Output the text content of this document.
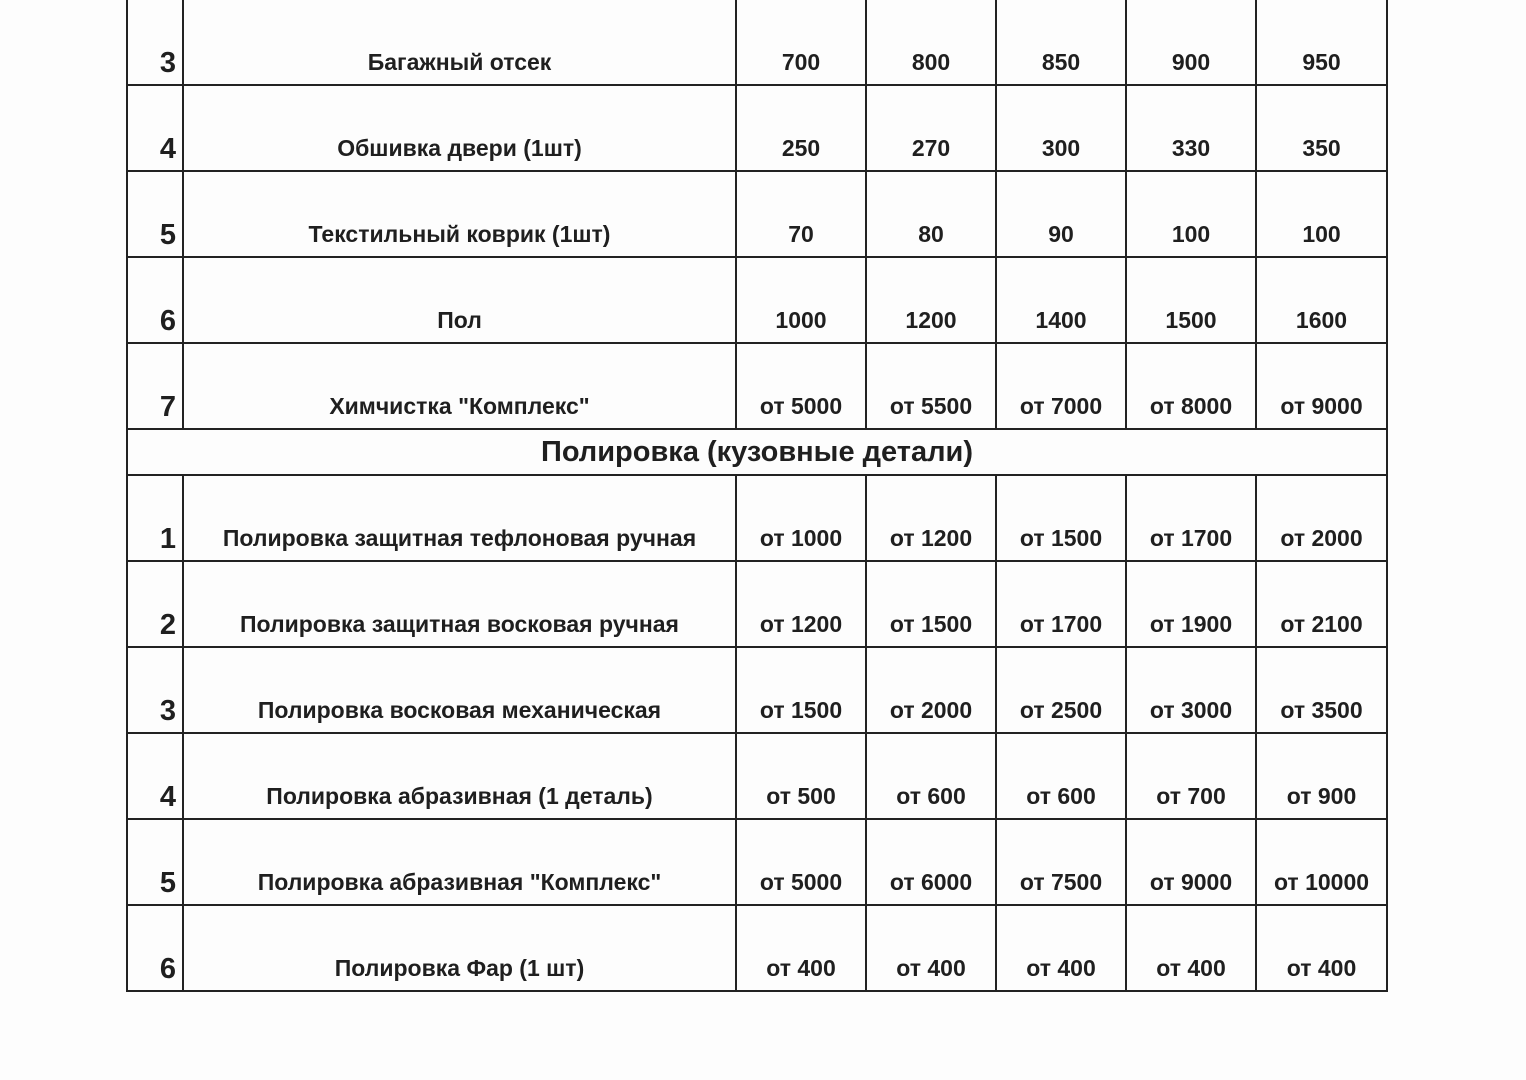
3	Багажный отсек	700	800	850	900	950
4	Обшивка двери (1шт)	250	270	300	330	350
5	Текстильный коврик (1шт)	70	80	90	100	100
6	Пол	1000	1200	1400	1500	1600
7	Химчистка "Комплекс"	от 5000	от 5500	от 7000	от 8000	от 9000
Полировка (кузовные детали)						
1	Полировка защитная тефлоновая ручная	от 1000	от 1200	от 1500	от 1700	от 2000
2	Полировка защитная восковая ручная	от 1200	от 1500	от 1700	от 1900	от 2100
3	Полировка восковая механическая	от 1500	от 2000	от 2500	от 3000	от 3500
4	Полировка абразивная (1 деталь)	от 500	от 600	от 600	от 700	от 900
5	Полировка абразивная "Комплекс"	от 5000	от 6000	от 7500	от 9000	от 10000
6	Полировка Фар (1 шт)	от 400	от 400	от 400	от 400	от 400
